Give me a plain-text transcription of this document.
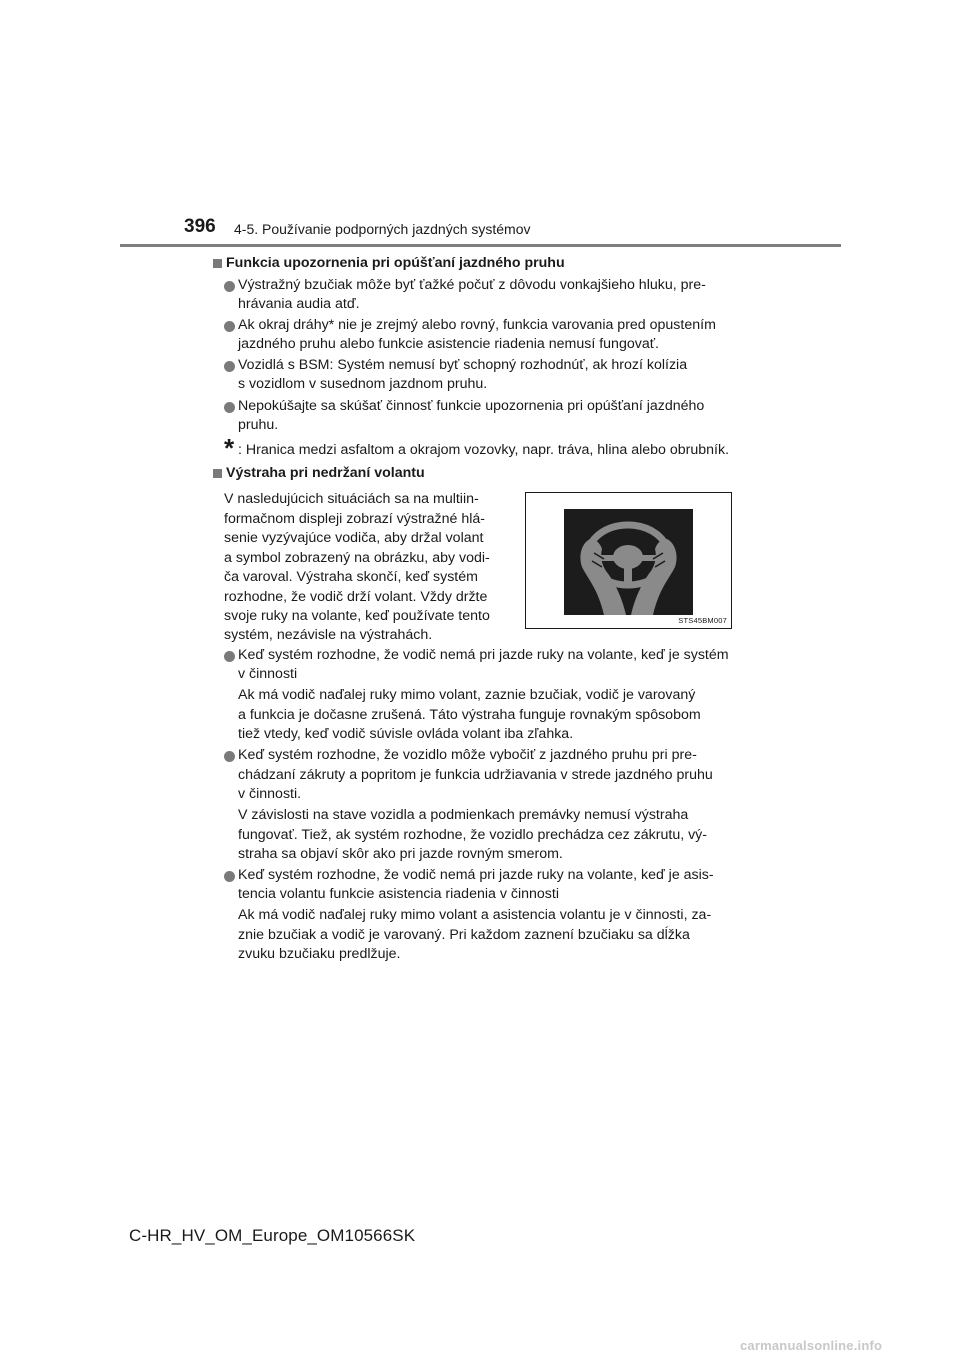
396 4-5. Používanie podporných jazdných systémov
Funkcia upozornenia pri opúšťaní jazdného pruhu
Výstražný bzučiak môže byť ťažké počuť z dôvodu vonkajšieho hluku, pre-
hrávania audia atď.
Ak okraj dráhy* nie je zrejmý alebo rovný, funkcia varovania pred opustením
jazdného pruhu alebo funkcie asistencie riadenia nemusí fungovať.
Vozidlá s BSM: Systém nemusí byť schopný rozhodnúť, ak hrozí kolízia
s vozidlom v susednom jazdnom pruhu.
Nepokúšajte sa skúšať činnosť funkcie upozornenia pri opúšťaní jazdného
pruhu.
* : Hranica medzi asfaltom a okrajom vozovky, napr. tráva, hlina alebo obrubník.
Výstraha pri nedržaní volantu
V nasledujúcich situáciách sa na multiin-
formačnom displeji zobrazí výstražné hlá-
senie vyzývajúce vodiča, aby držal volant
a symbol zobrazený na obrázku, aby vodi-
ča varoval. Výstraha skončí, keď systém
rozhodne, že vodič drží volant. Vždy držte
svoje ruky na volante, keď používate tento
systém, nezávisle na výstrahách.
STS45BM007
Keď systém rozhodne, že vodič nemá pri jazde ruky na volante, keď je systém
v činnosti
Ak má vodič naďalej ruky mimo volant, zaznie bzučiak, vodič je varovaný
a funkcia je dočasne zrušená. Táto výstraha funguje rovnakým spôsobom
tiež vtedy, keď vodič súvisle ovláda volant iba zľahka.
Keď systém rozhodne, že vozidlo môže vybočiť z jazdného pruhu pri pre-
chádzaní zákruty a popritom je funkcia udržiavania v strede jazdného pruhu
v činnosti.
V závislosti na stave vozidla a podmienkach premávky nemusí výstraha
fungovať. Tiež, ak systém rozhodne, že vozidlo prechádza cez zákrutu, vý-
straha sa objaví skôr ako pri jazde rovným smerom.
Keď systém rozhodne, že vodič nemá pri jazde ruky na volante, keď je asis-
tencia volantu funkcie asistencia riadenia v činnosti
Ak má vodič naďalej ruky mimo volant a asistencia volantu je v činnosti, za-
znie bzučiak a vodič je varovaný. Pri každom zaznení bzučiaku sa dĺžka
zvuku bzučiaku predlžuje.
C-HR_HV_OM_Europe_OM10566SK
carmanualsonline.info
